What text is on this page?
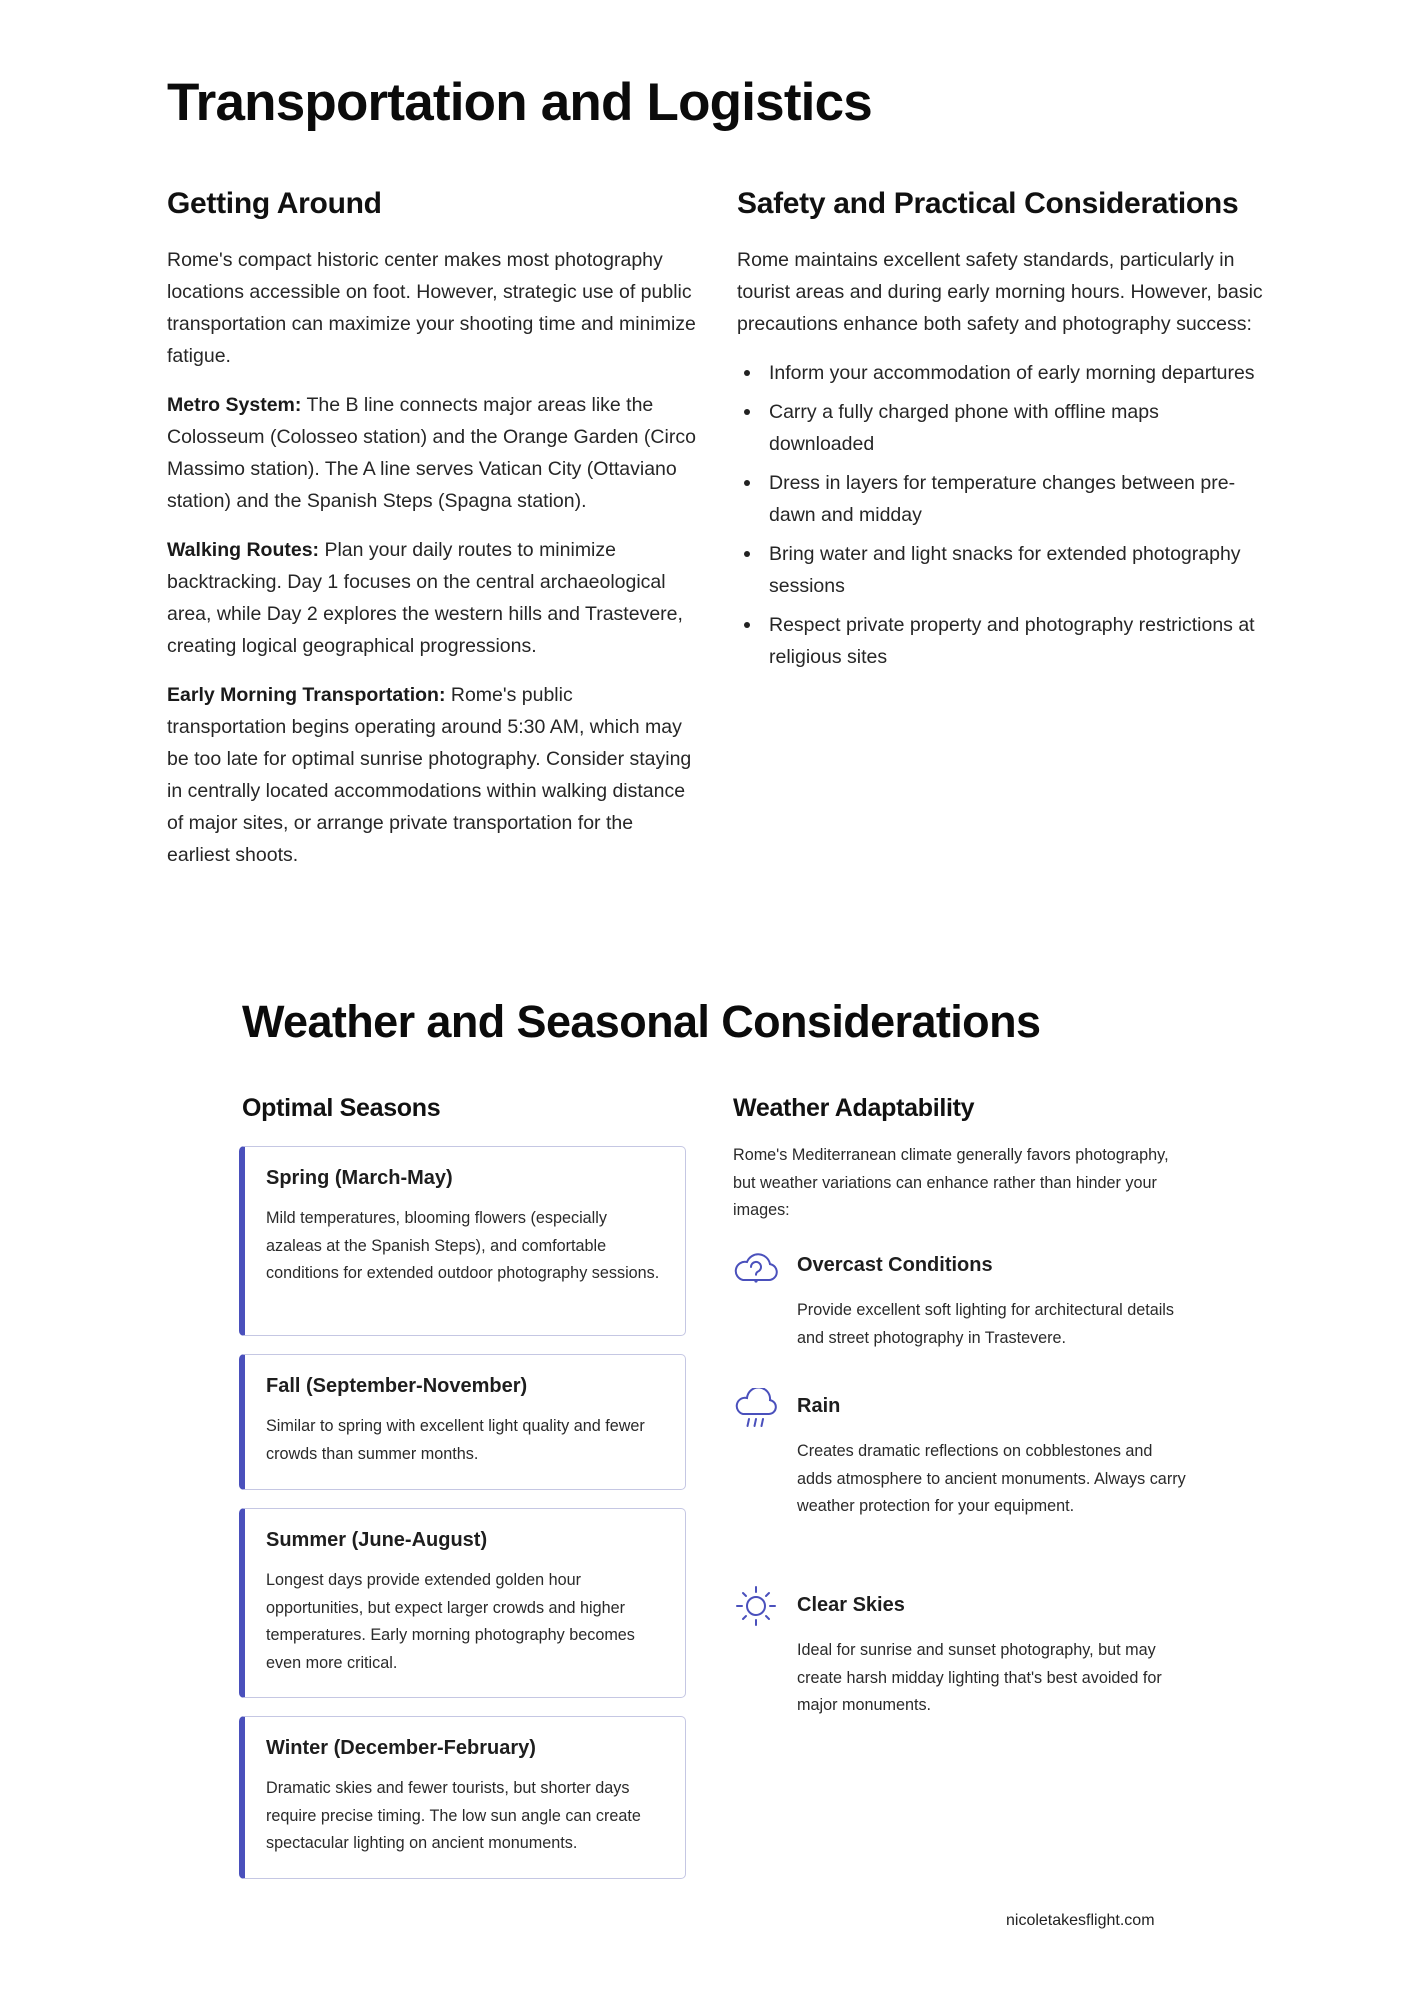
Transportation and Logistics
Getting Around

Rome's compact historic center makes most photography locations accessible on foot. However, strategic use of public transportation can maximize your shooting time and minimize fatigue.

Metro System: The B line connects major areas like the Colosseum (Colosseo station) and the Orange Garden (Circo Massimo station). The A line serves Vatican City (Ottaviano station) and the Spanish Steps (Spagna station).

Walking Routes: Plan your daily routes to minimize backtracking. Day 1 focuses on the central archaeological area, while Day 2 explores the western hills and Trastevere, creating logical geographical progressions.

Early Morning Transportation: Rome's public transportation begins operating around 5:30 AM, which may be too late for optimal sunrise photography. Consider staying in centrally located accommodations within walking distance of major sites, or arrange private transportation for the earliest shoots.

Safety and Practical Considerations

Rome maintains excellent safety standards, particularly in tourist areas and during early morning hours. However, basic precautions enhance both safety and photography success:

Inform your accommodation of early morning departures
Carry a fully charged phone with offline maps downloaded
Dress in layers for temperature changes between pre-dawn and midday
Bring water and light snacks for extended photography sessions
Respect private property and photography restrictions at religious sites
Weather and Seasonal Considerations
Optimal Seasons
Spring (March-May)

Mild temperatures, blooming flowers (especially azaleas at the Spanish Steps), and comfortable conditions for extended outdoor photography sessions.

Fall (September-November)

Similar to spring with excellent light quality and fewer crowds than summer months.

Summer (June-August)

Longest days provide extended golden hour opportunities, but expect larger crowds and higher temperatures. Early morning photography becomes even more critical.

Winter (December-February)

Dramatic skies and fewer tourists, but shorter days require precise timing. The low sun angle can create spectacular lighting on ancient monuments.

Weather Adaptability
Rome's Mediterranean climate generally favors photography, but weather variations can enhance rather than hinder your images:
Overcast Conditions

Provide excellent soft lighting for architectural details and street photography in Trastevere.

Rain

Creates dramatic reflections on cobblestones and adds atmosphere to ancient monuments. Always carry weather protection for your equipment.

Clear Skies

Ideal for sunrise and sunset photography, but may create harsh midday lighting that's best avoided for major monuments.

nicoletakesflight.com
